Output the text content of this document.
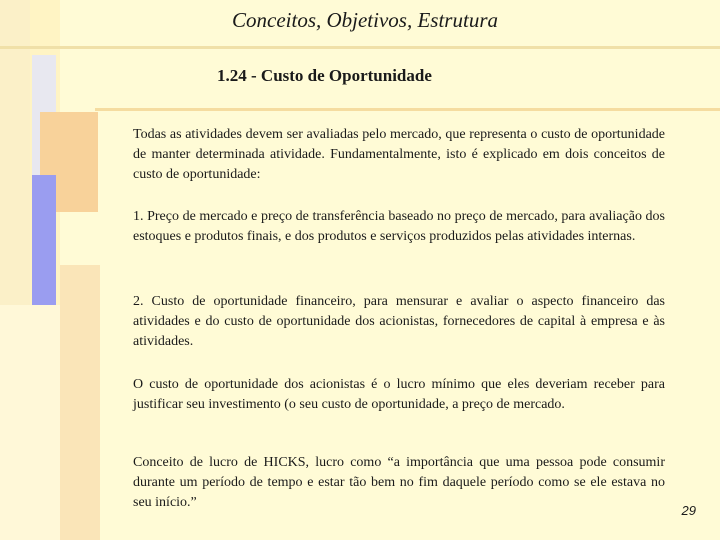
Conceitos, Objetivos, Estrutura
1.24 - Custo de Oportunidade

Todas as atividades devem ser avaliadas pelo mercado, que representa o custo de oportunidade de manter determinada atividade. Fundamentalmente, isto é explicado em dois conceitos de custo de oportunidade:

1. Preço de mercado e preço de transferência baseado no preço de mercado, para avaliação dos estoques e produtos finais, e dos produtos e serviços produzidos pelas atividades internas.

2. Custo de oportunidade financeiro, para mensurar e avaliar o aspecto financeiro das atividades e do custo de oportunidade dos acionistas, fornecedores de capital à empresa e às atividades.

O custo de oportunidade dos acionistas é o lucro mínimo que eles deveriam receber para justificar seu investimento (o seu custo de oportunidade, a preço de mercado.

Conceito de lucro de HICKS, lucro como “a importância que uma pessoa pode consumir durante um período de tempo e estar tão bem no fim daquele período como se ele estava no seu início.”

29
